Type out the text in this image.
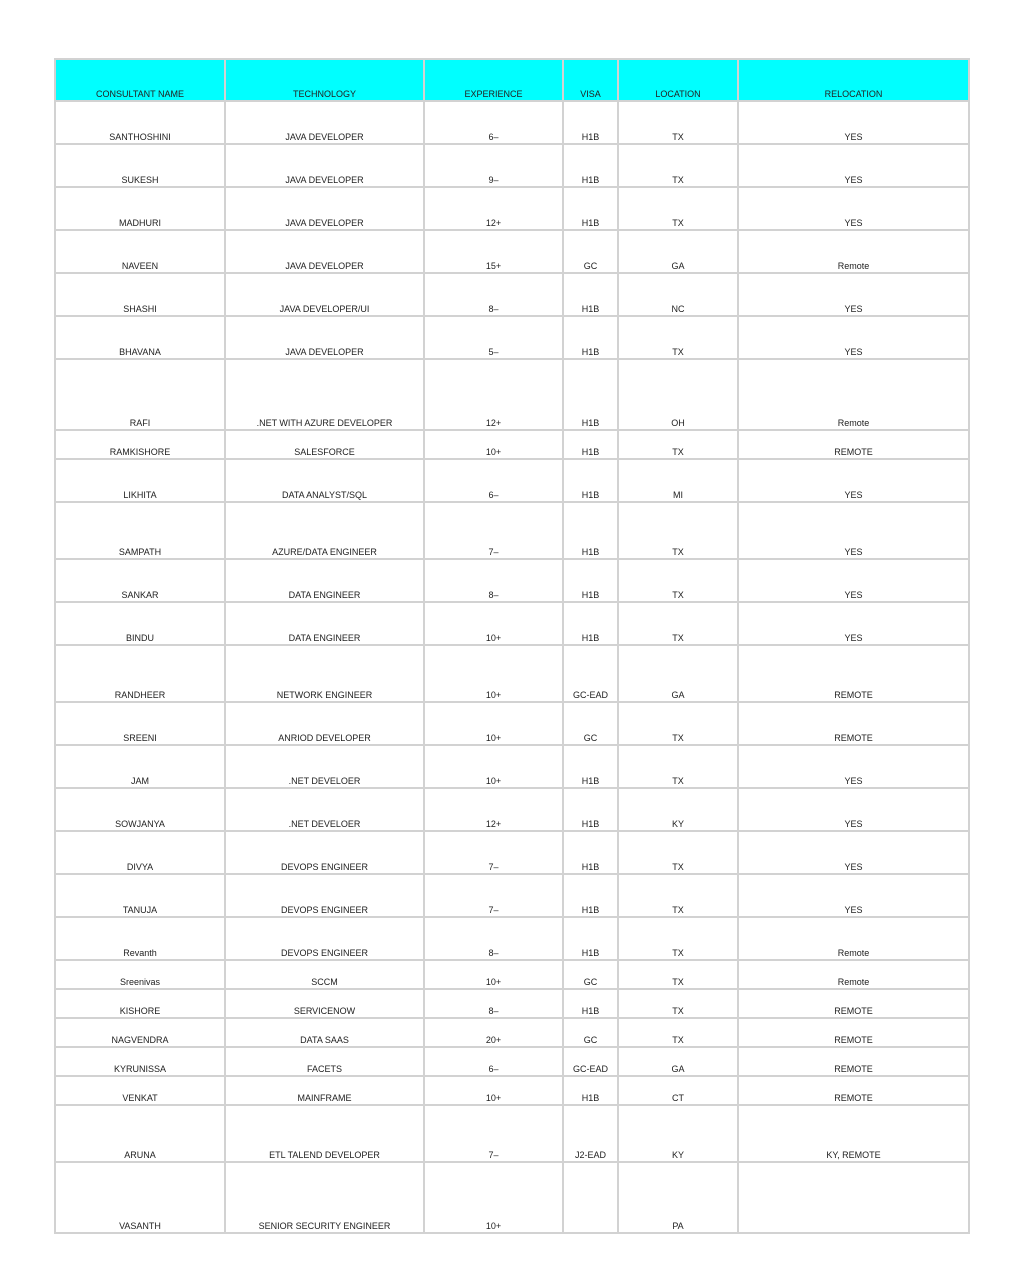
CONSULTANT NAME	TECHNOLOGY	EXPERIENCE	VISA	LOCATION	RELOCATION
SANTHOSHINI	JAVA DEVELOPER	6–	H1B	TX	YES
SUKESH	JAVA DEVELOPER	9–	H1B	TX	YES
MADHURI	JAVA DEVELOPER	12+	H1B	TX	YES
NAVEEN	JAVA DEVELOPER	15+	GC	GA	Remote
SHASHI	JAVA DEVELOPER/UI	8–	H1B	NC	YES
BHAVANA	JAVA DEVELOPER	5–	H1B	TX	YES
RAFI	.NET WITH AZURE DEVELOPER	12+	H1B	OH	Remote
RAMKISHORE	SALESFORCE	10+	H1B	TX	REMOTE
LIKHITA	DATA ANALYST/SQL	6–	H1B	MI	YES
SAMPATH	AZURE/DATA ENGINEER	7–	H1B	TX	YES
SANKAR	DATA ENGINEER	8–	H1B	TX	YES
BINDU	DATA ENGINEER	10+	H1B	TX	YES
RANDHEER	NETWORK ENGINEER	10+	GC-EAD	GA	REMOTE
SREENI	ANRIOD DEVELOPER	10+	GC	TX	REMOTE
JAM	.NET DEVELOER	10+	H1B	TX	YES
SOWJANYA	.NET DEVELOER	12+	H1B	KY	YES
DIVYA	DEVOPS ENGINEER	7–	H1B	TX	YES
TANUJA	DEVOPS ENGINEER	7–	H1B	TX	YES
Revanth	DEVOPS ENGINEER	8–	H1B	TX	Remote
Sreenivas	SCCM	10+	GC	TX	Remote
KISHORE	SERVICENOW	8–	H1B	TX	REMOTE
NAGVENDRA	DATA SAAS	20+	GC	TX	REMOTE
KYRUNISSA	FACETS	6–	GC-EAD	GA	REMOTE
VENKAT	MAINFRAME	10+	H1B	CT	REMOTE
ARUNA	ETL TALEND DEVELOPER	7–	J2-EAD	KY	KY, REMOTE
VASANTH	SENIOR SECURITY ENGINEER	10+		PA	
